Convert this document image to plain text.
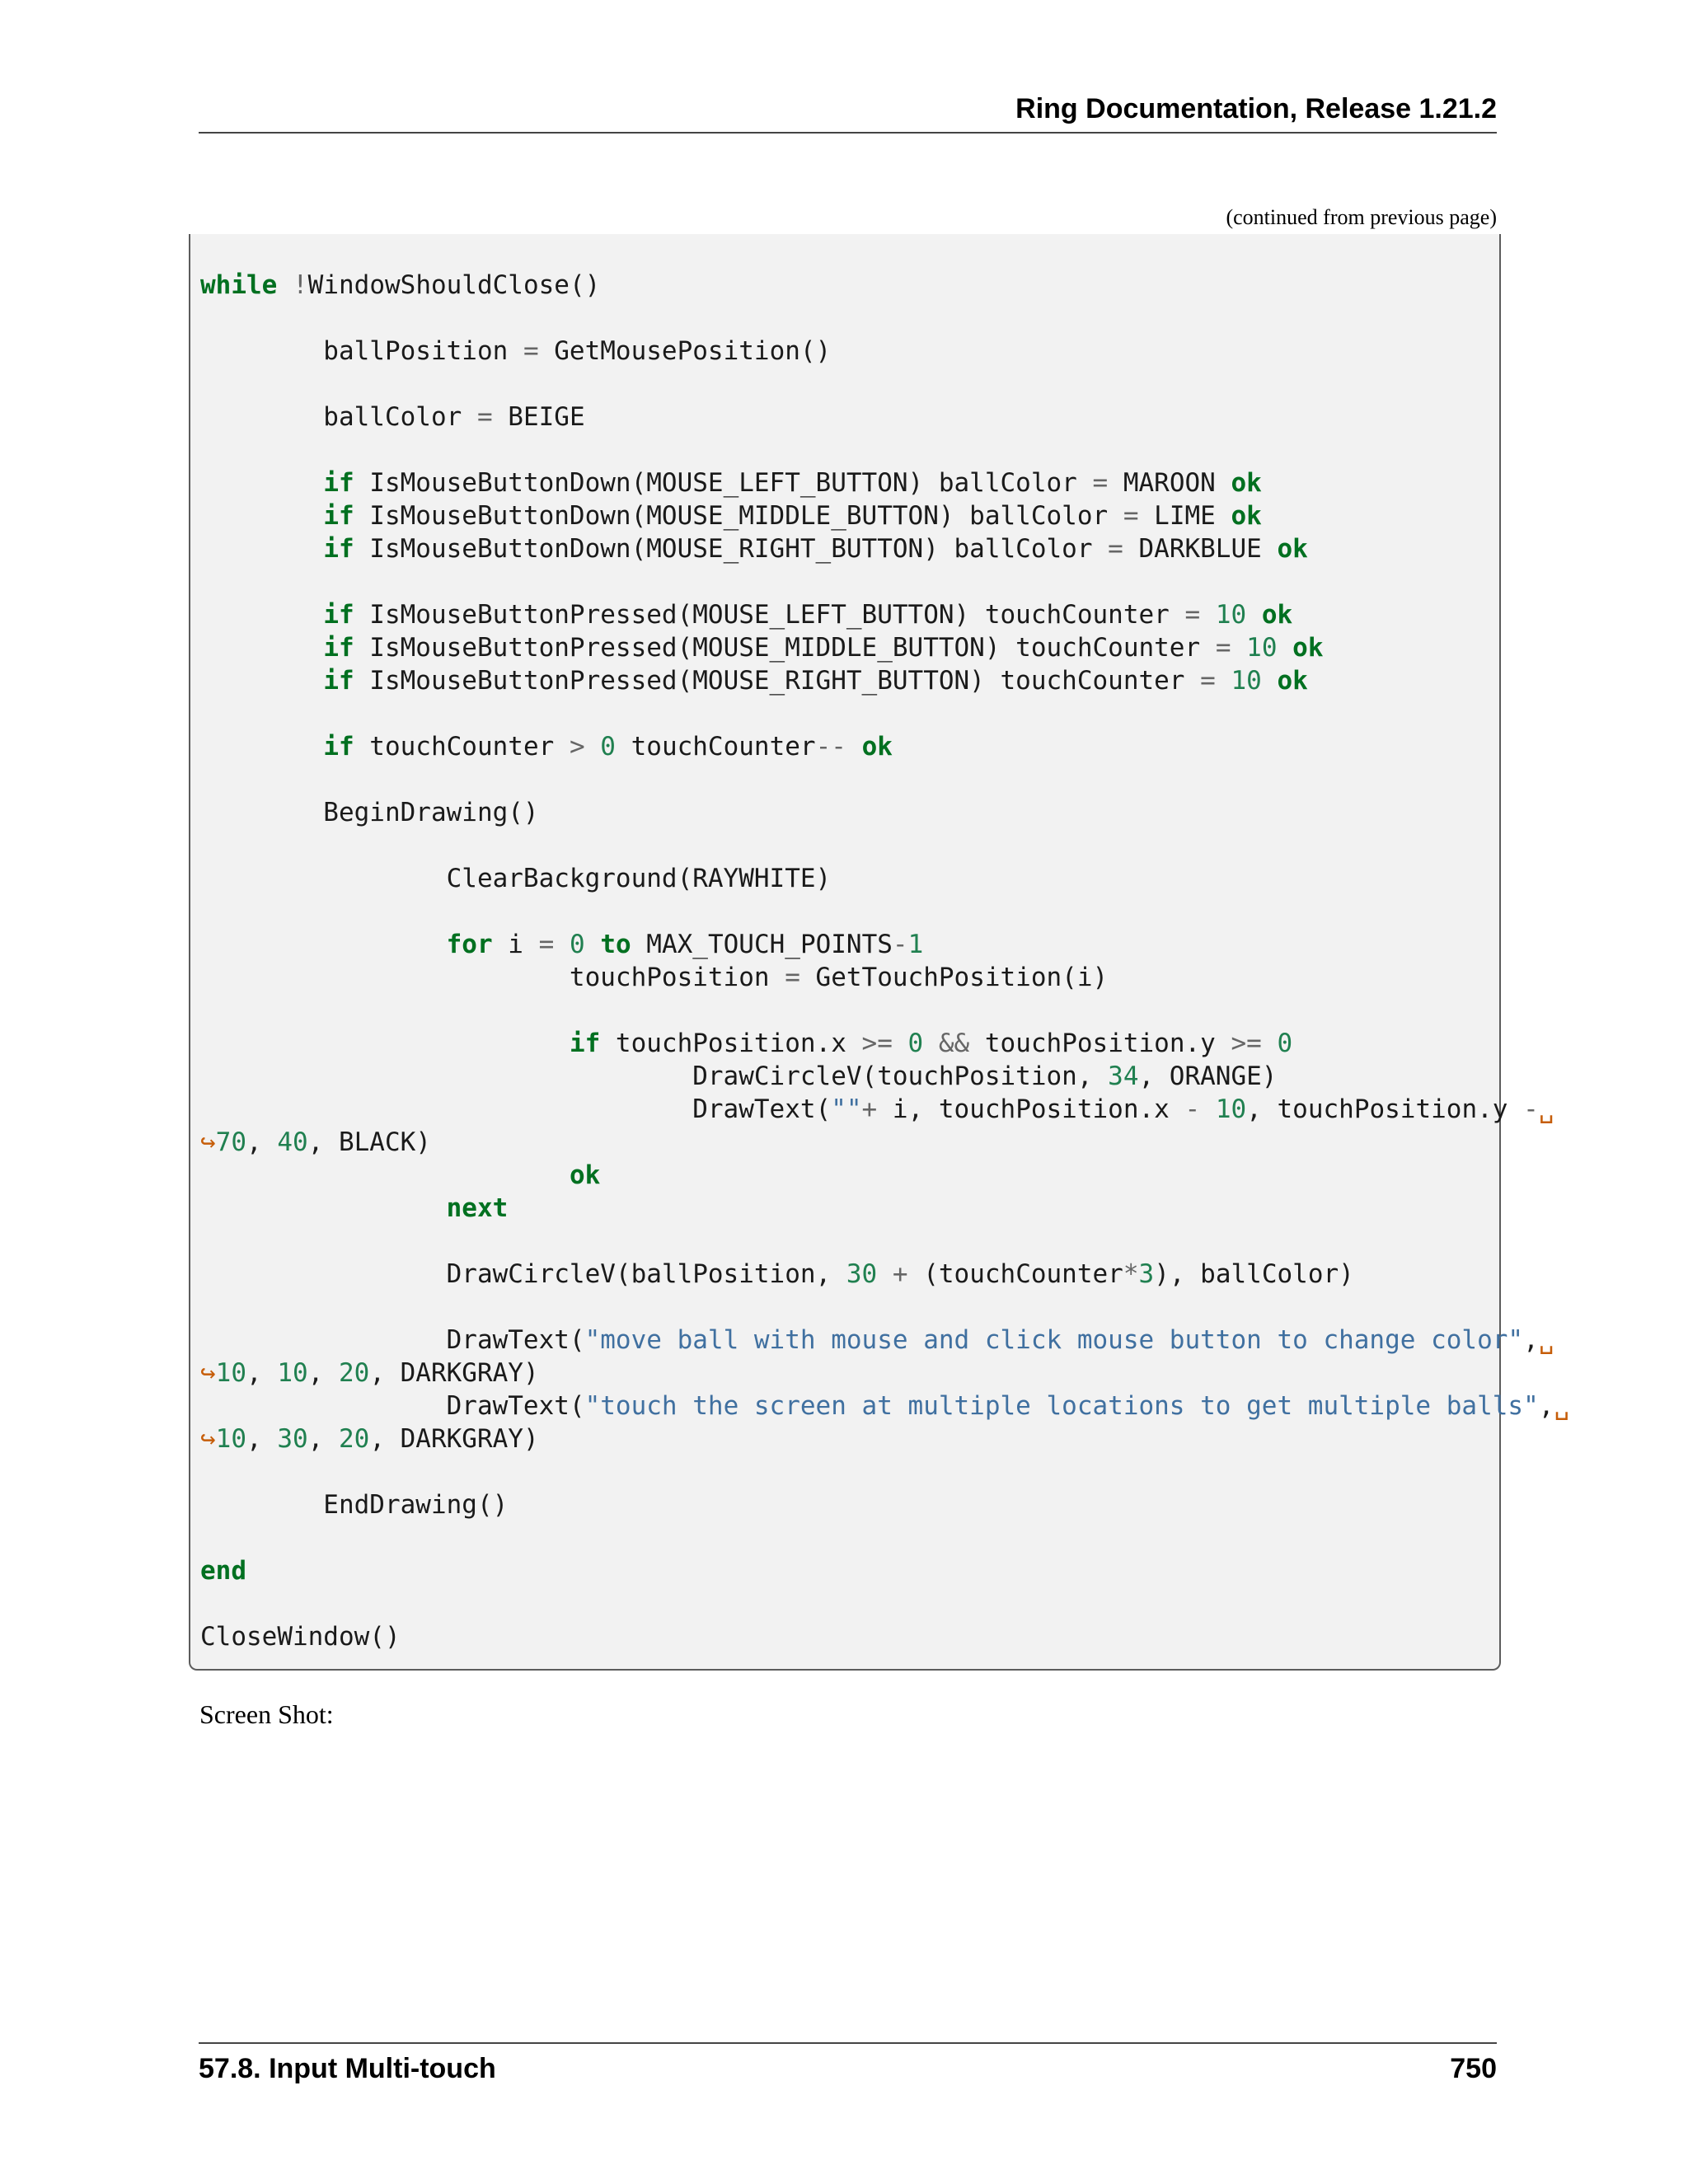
Ring Documentation, Release 1.21.2
(continued from previous page)
while !WindowShouldClose()
ballPosition = GetMousePosition()
ballColor = BEIGE
if IsMouseButtonDown(MOUSE_LEFT_BUTTON) ballColor = MAROON ok
if IsMouseButtonDown(MOUSE_MIDDLE_BUTTON) ballColor = LIME ok
if IsMouseButtonDown(MOUSE_RIGHT_BUTTON) ballColor = DARKBLUE ok
if IsMouseButtonPressed(MOUSE_LEFT_BUTTON) touchCounter = 10 ok
if IsMouseButtonPressed(MOUSE_MIDDLE_BUTTON) touchCounter = 10 ok
if IsMouseButtonPressed(MOUSE_RIGHT_BUTTON) touchCounter = 10 ok
if touchCounter > 0 touchCounter-- ok
BeginDrawing()
ClearBackground(RAYWHITE)
for i = 0 to MAX_TOUCH_POINTS-1
touchPosition = GetTouchPosition(i)
if touchPosition.x >= 0 && touchPosition.y >= 0
DrawCircleV(touchPosition, 34, ORANGE)
DrawText(""+ i, touchPosition.x - 10, touchPosition.y -␣
↪70, 40, BLACK)
ok
next
DrawCircleV(ballPosition, 30 + (touchCounter*3), ballColor)
DrawText("move ball with mouse and click mouse button to change color",␣
↪10, 10, 20, DARKGRAY)
DrawText("touch the screen at multiple locations to get multiple balls",␣
↪10, 30, 20, DARKGRAY)
EndDrawing()
end
CloseWindow()
Screen Shot:
57.8. Input Multi-touch	750
